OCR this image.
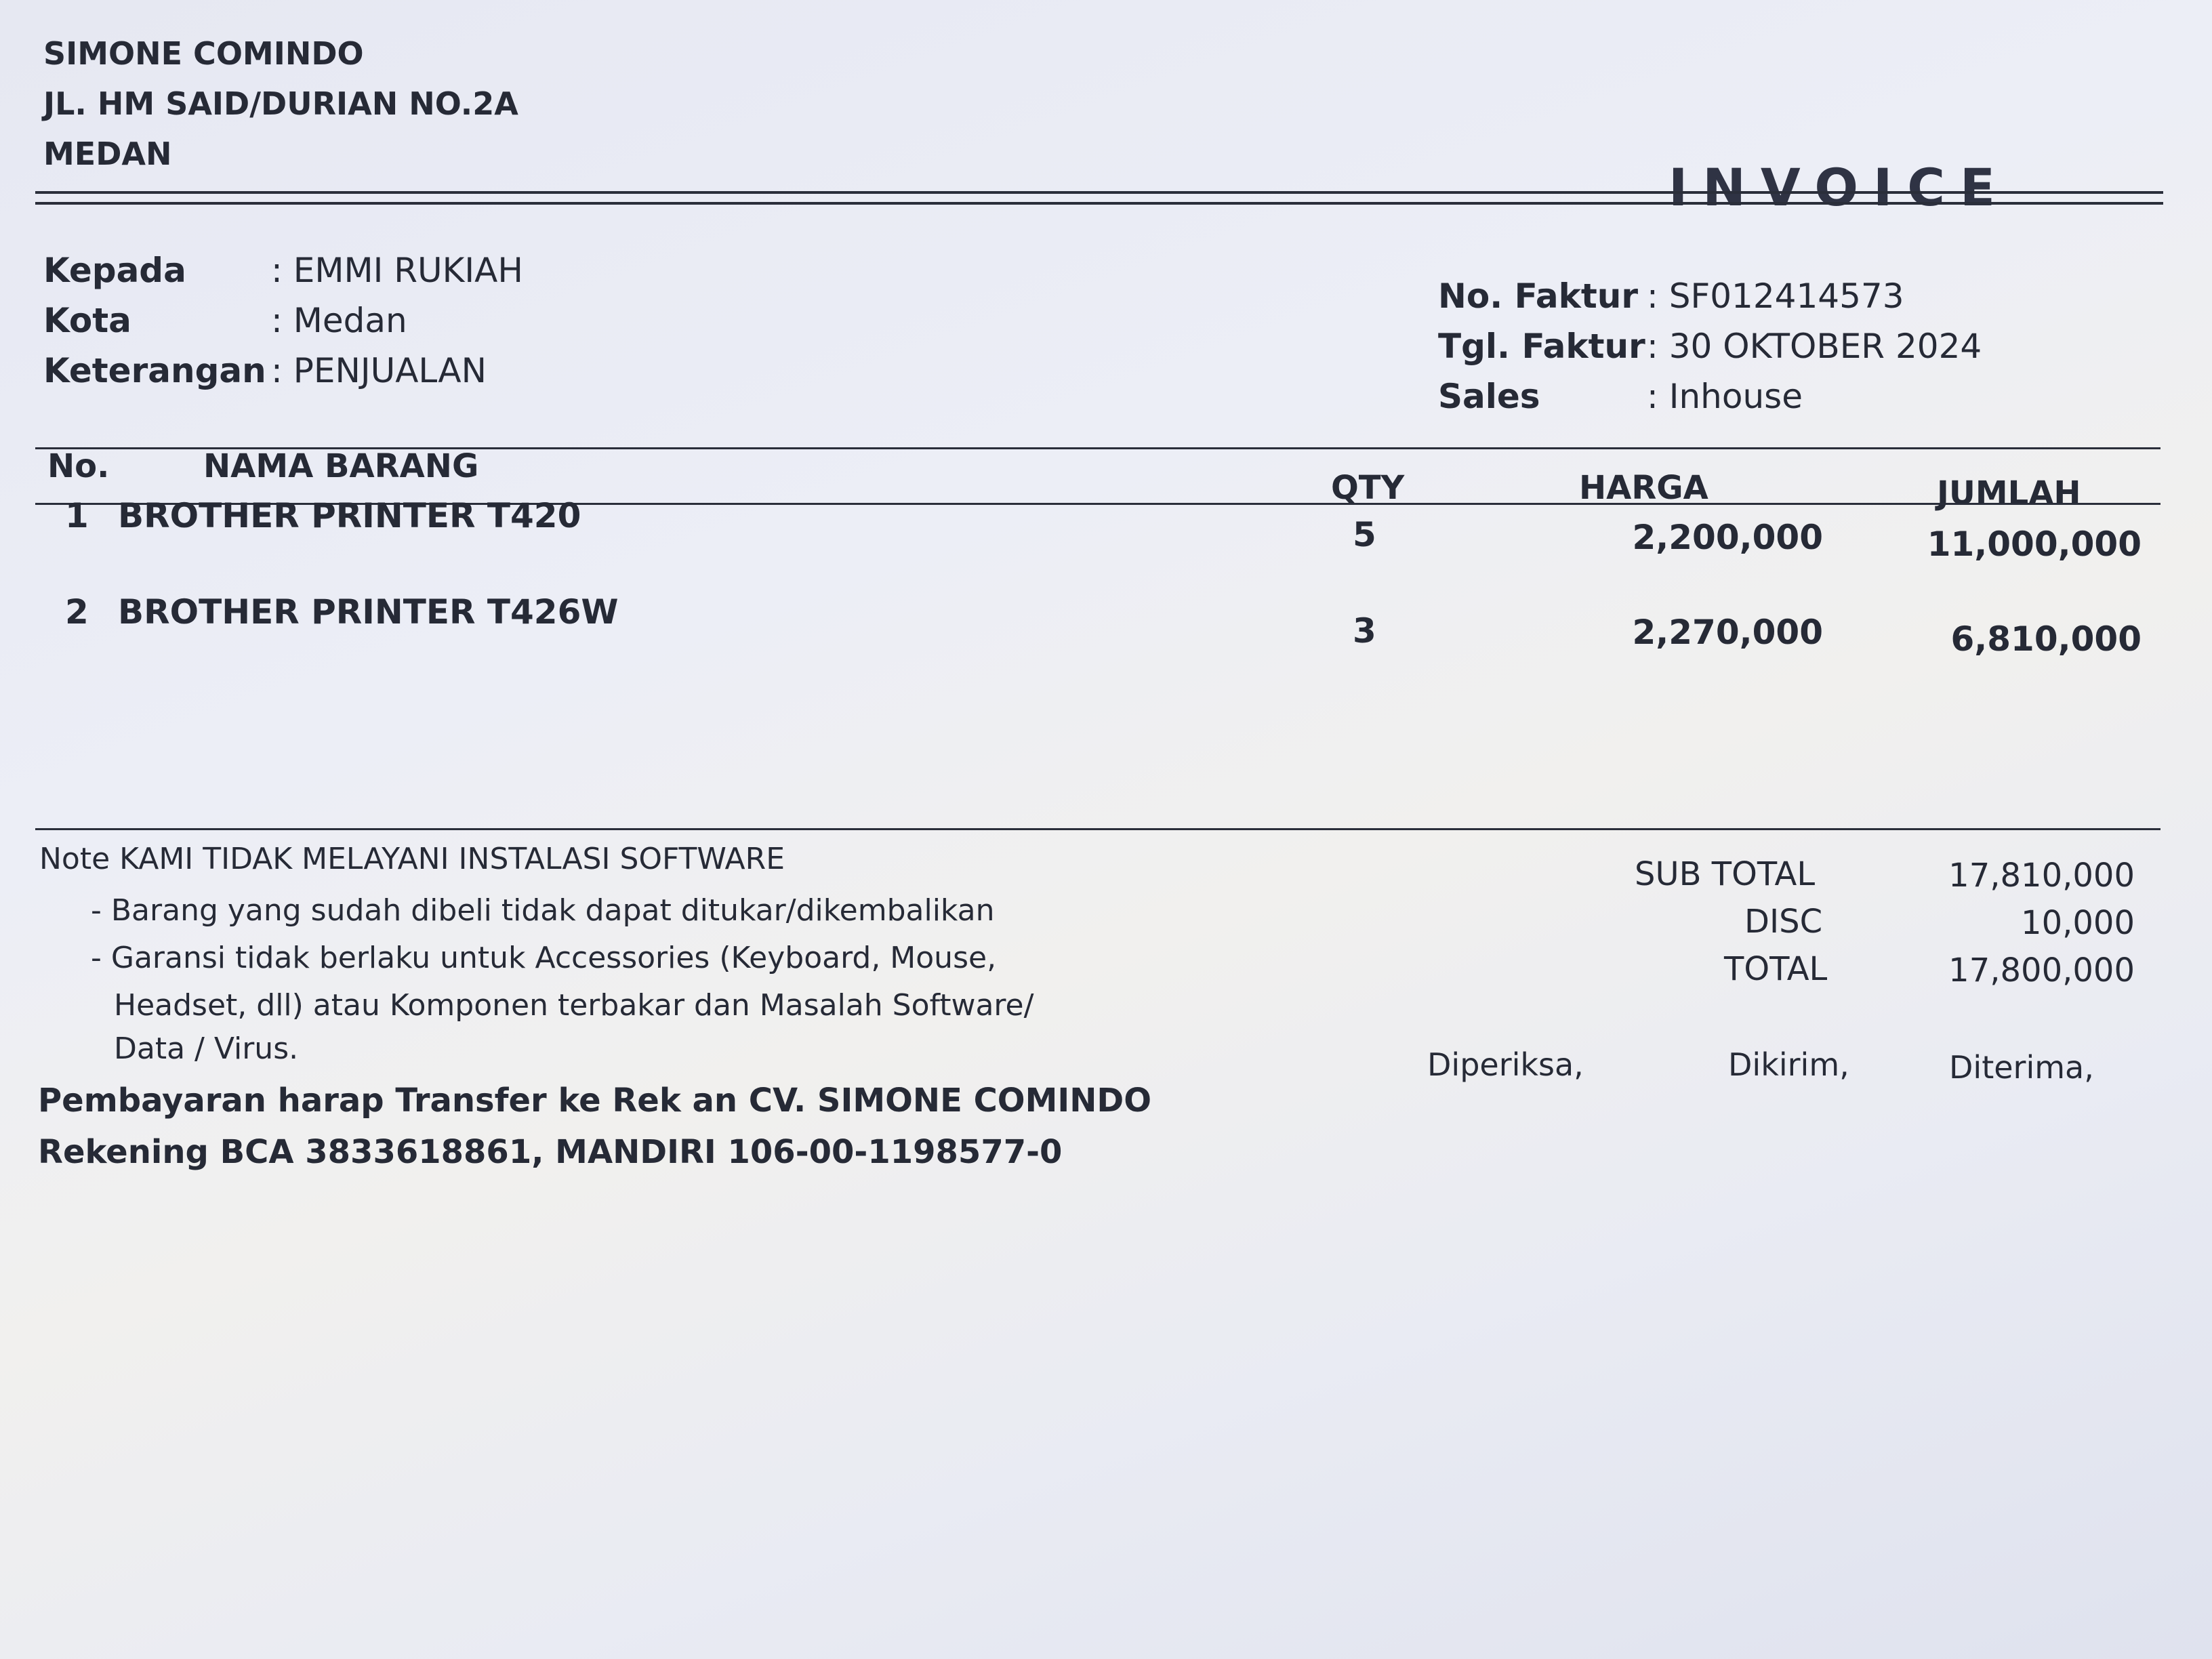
SIMONE COMINDO
JL. HM SAID/DURIAN NO.2A
MEDAN
INVOICE
Kepada	: EMMI RUKIAH
Kota	: Medan
Keterangan : PENJUALAN
No. Faktur : SF012414573
Tgl. Faktur : 30 OKTOBER 2024
Sales	: Inhouse
No.	NAMA BARANG
QTY	HARGA	JUMLAH
1 BROTHER PRINTER T420	5	2,200,000	11,000,000
2 BROTHER PRINTER T426W	3	2,270,000	6,810,000
Note KAMI TIDAK MELAYANI INSTALASI SOFTWARE
- Barang yang sudah dibeli tidak dapat ditukar/dikembalikan
- Garansi tidak berlaku untuk Accessories (Keyboard, Mouse,
Headset, dll) atau Komponen terbakar dan Masalah Software/
Data / Virus.
Pembayaran harap Transfer ke Rek an CV. SIMONE COMINDO
Rekening BCA 3833618861, MANDIRI 106-00-1198577-0
SUB TOTAL	17,810,000
DISC	10,000
TOTAL	17,800,000
Diperiksa,	Dikirim,	Diterima,
